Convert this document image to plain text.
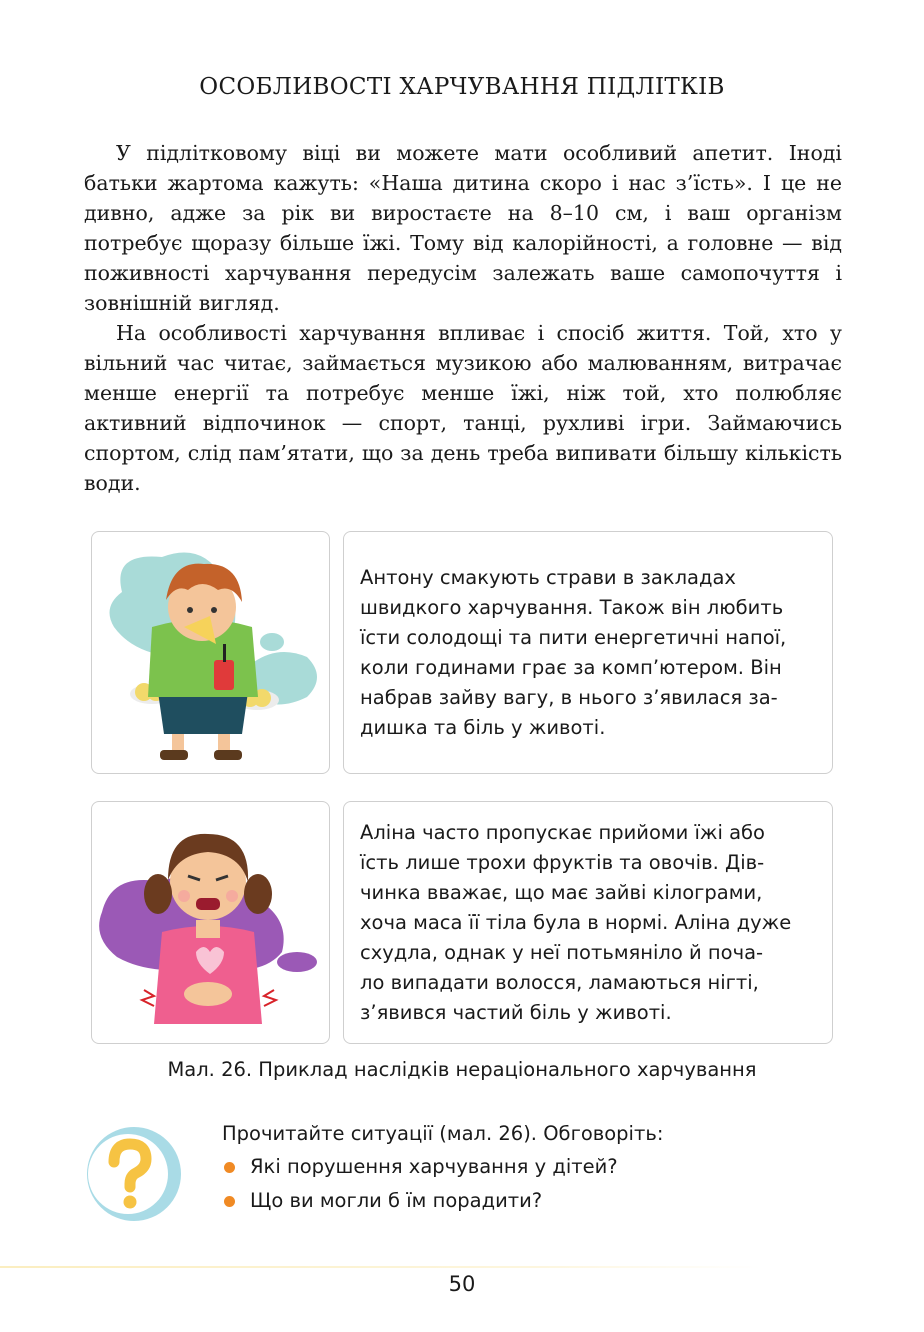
ОСОБЛИВОСТІ ХАРЧУВАННЯ ПІДЛІТКІВ

У підлітковому віці ви можете мати особливий апетит. Іноді батьки жартома кажуть: «Наша дитина скоро і нас з’їсть». І це не дивно, адже за рік ви виростаєте на 8–10 см, і ваш організм потребує щоразу більше їжі. Тому від калорійності, а головне — від поживності харчування передусім залежать ваше самопочуття і зовнішній вигляд.

На особливості харчування впливає і спосіб життя. Той, хто у вільний час читає, займається музикою або малюванням, витрачає менше енергії та потребує менше їжі, ніж той, хто полюбляє активний відпочинок — спорт, танці, рухливі ігри. Займаючись спортом, слід пам’ятати, що за день треба випивати більшу кількість води.

Антону смакують страви в закладах
швидкого харчування. Також він любить
їсти солодощі та пити енергетичні напої,
коли годинами грає за комп’ютером. Він
набрав зайву вагу, в нього з’явилася за-
дишка та біль у животі.
Аліна часто пропускає прийоми їжі або
їсть лише трохи фруктів та овочів. Дів-
чинка вважає, що має зайві кілограми,
хоча маса її тіла була в нормі. Аліна дуже
схудла, однак у неї потьмяніло й поча-
ло випадати волосся, ламаються нігті,
з’явився частий біль у животі.
Мал. 26. Приклад наслідків нераціонального харчування
Прочитайте ситуації (мал. 26). Обговоріть:
Які порушення харчування у дітей?
Що ви могли б їм порадити?
50
